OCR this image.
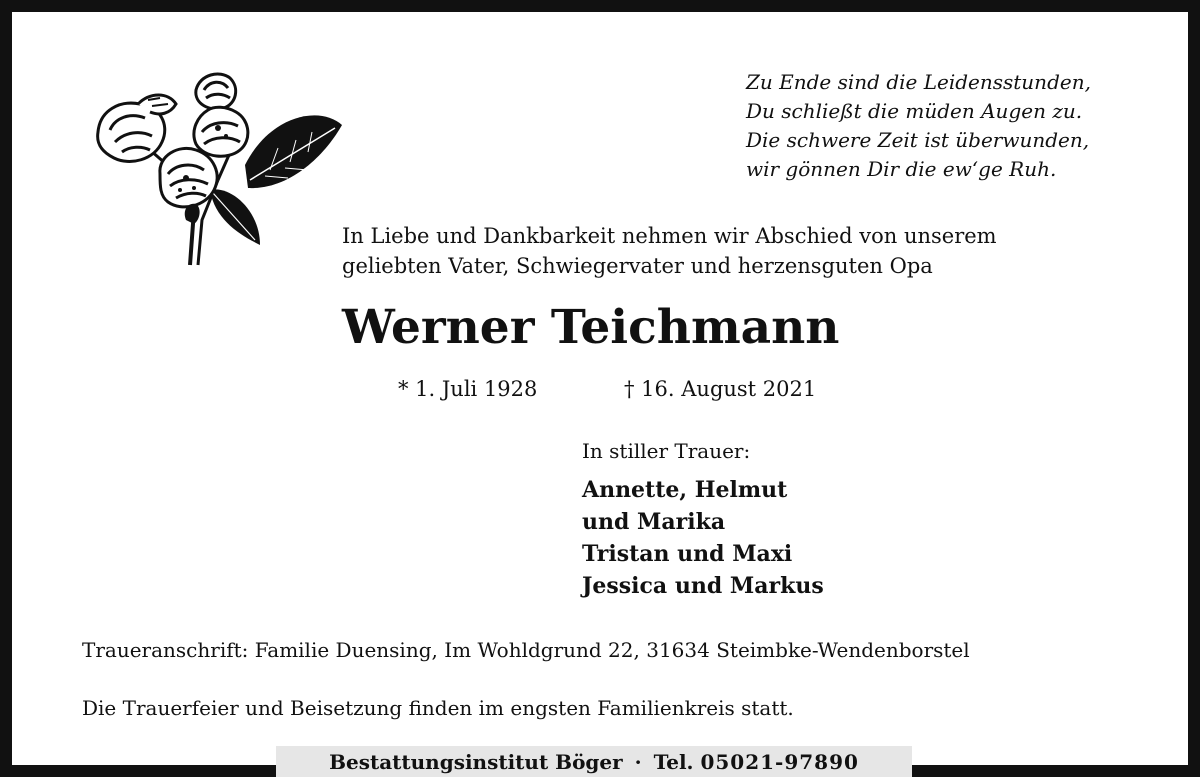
Zu Ende sind die Leidensstunden,
Du schließt die müden Augen zu.
Die schwere Zeit ist überwunden,
wir gönnen Dir die ew‘ge Ruh.
In Liebe und Dankbarkeit nehmen wir Abschied von unserem
geliebten Vater, Schwiegervater und herzensguten Opa
Werner Teichmann
* 1. Juli 1928	† 16. August 2021
In stiller Trauer:
Annette, Helmut
und Marika
Tristan und Maxi
Jessica und Markus
Traueranschrift: Familie Duensing, Im Wohldgrund 22, 31634 Steimbke-Wendenborstel
Die Trauerfeier und Beisetzung finden im engsten Familienkreis statt.
Bestattungsinstitut Böger · Tel.
05021-97890
